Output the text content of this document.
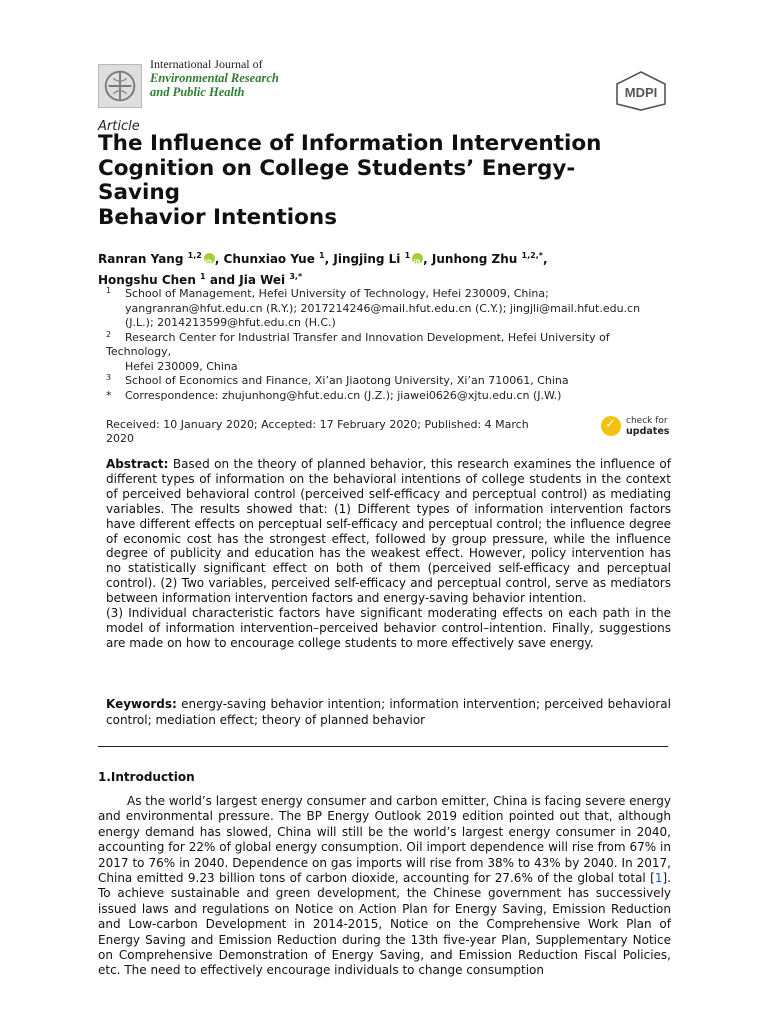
International Journal of
Environmental Research
and Public Health	MDPI
Article
The Influence of Information Intervention
Cognition on College Students’ Energy-
Saving
Behavior Intentions
Ranran Yang $^{1,2}$ iD , Chunxiao Yue $^1$, Jingjing Li $^1$ iD , Junhong Zhu $^{1,2,*}$,
Hongshu Chen $^1$ and Jia Wei $^{3,*}$
1 School of Management, Hefei University of Technology, Hefei 230009, China;
yangranran@hfut.edu.cn (R.Y.); 2017214246@mail.hfut.edu.cn (C.Y.); jingjli@mail.hfut.edu.cn
(J.L.); 2014213599@hfut.edu.cn (H.C.)
2 Research Center for Industrial Transfer and Innovation Development, Hefei University of
Technology,
Hefei 230009, China
3 School of Economics and Finance, Xi’an Jiaotong University, Xi’an 710061, China
* Correspondence: zhujunhong@hfut.edu.cn (J.Z.); jiawei0626@xjtu.edu.cn (J.W.)
Received: 10 January 2020; Accepted: 17 February 2020; Published: 4 March 2020
✓
check for
updates

Abstract: Based on the theory of planned behavior, this research examines the influence of different types of information on the behavioral intentions of college students in the context of perceived behavioral control (perceived self-efficacy and perceptual control) as mediating variables. The results showed that: (1) Different types of information intervention factors have different effects on perceptual self-efficacy and perceptual control; the influence degree of economic cost has the strongest effect, followed by group pressure, while the influence degree of publicity and education has the weakest effect. However, policy intervention has no statistically significant effect on both of them (perceived self-efficacy and perceptual control). (2) Two variables, perceived self-efficacy and perceptual control, serve as mediators between information intervention factors and energy-saving behavior intention.

(3) Individual characteristic factors have significant moderating effects on each path in the model of information intervention–perceived behavior control–intention. Finally, suggestions are made on how to encourage college students to more effectively save energy.

Keywords: energy-saving behavior intention; information intervention; perceived behavioral control; mediation effect; theory of planned behavior
1.Introduction

As the world’s largest energy consumer and carbon emitter, China is facing severe energy and environmental pressure. The BP Energy Outlook 2019 edition pointed out that, although energy demand has slowed, China will still be the world’s largest energy consumer in 2040, accounting for 22% of global energy consumption. Oil import dependence will rise from 67% in 2017 to 76% in 2040. Dependence on gas imports will rise from 38% to 43% by 2040. In 2017, China emitted 9.23 billion tons of carbon dioxide, accounting for 27.6% of the global total [1]. To achieve sustainable and green development, the Chinese government has successively issued laws and regulations on Notice on Action Plan for Energy Saving, Emission Reduction and Low-carbon Development in 2014-2015, Notice on the Comprehensive Work Plan of Energy Saving and Emission Reduction during the 13th five-year Plan, Supplementary Notice on Comprehensive Demonstration of Energy Saving, and Emission Reduction Fiscal Policies, etc. The need to effectively encourage individuals to change consumption
